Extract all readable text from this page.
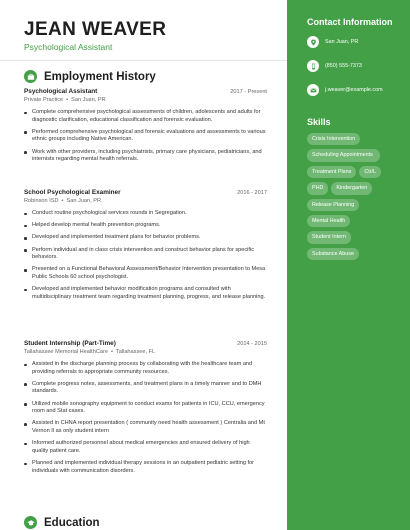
JEAN WEAVER
Psychological Assistant
Employment History
Psychological Assistant	2017 - Present
Private Practice • San Juan, PR
Complete comprehensive psychological assessments of children, adolescents and adults for diagnostic clarification, educational classification and forensic evaluation.
Performed comprehensive psychological and forensic evaluations and assessments to various ethnic groups including Native American.
Work with other providers, including psychiatrists, primary care physicians, pediatricians, and internists regarding mental health referrals.
School Psychological Examiner	2016 - 2017
Robinson ISD • San Juan, PR
Conduct routine psychological services rounds in Segregation.
Helped develop mental health prevention programs.
Developed and implemented treatment plans for behavior problems.
Perform individual and in class crisis intervention and construct behavior plans for specific behaviors.
Presented on a Functional Behavioral Assessment/Behavior Intervention presentation to Mesa Public Schools 60 school psychologist.
Developed and implemented behavior modification programs and consulted with multidisciplinary treatment team regarding treatment planning, progress, and release planning.
Student Internship (Part-Time)	2014 - 2015
Tallahassee Memorial HealthCare • Tallahassee, FL
Assisted in the discharge planning process by collaborating with the healthcare team and providing referrals to appropriate community resources.
Complete progress notes, assessments, and treatment plans in a timely manner and to DMH standards.
Utilized mobile sonography equipment to conduct exams for patients in ICU, CCU, emergency room and Stat cases.
Assisted in CHNA report presentation ( community need health assessment ) Centralia and Mt Vernon Il as only student intern
Informed authorized personnel about medical emergencies and ensured delivery of high quality patient care.
Planned and implemented individual therapy sessions in an outpatient pediatric setting for individuals with communication disorders.
Education
Contact Information
San Juan, PR
(850) 555-7373
j.weaver@example.com
Skills
Crisis Intervention
Scheduling Appointments
Treatment Plans	Ctr/L
PHD	Kindergarten
Release Planning
Mental Health
Student Intern
Substance Abuse
